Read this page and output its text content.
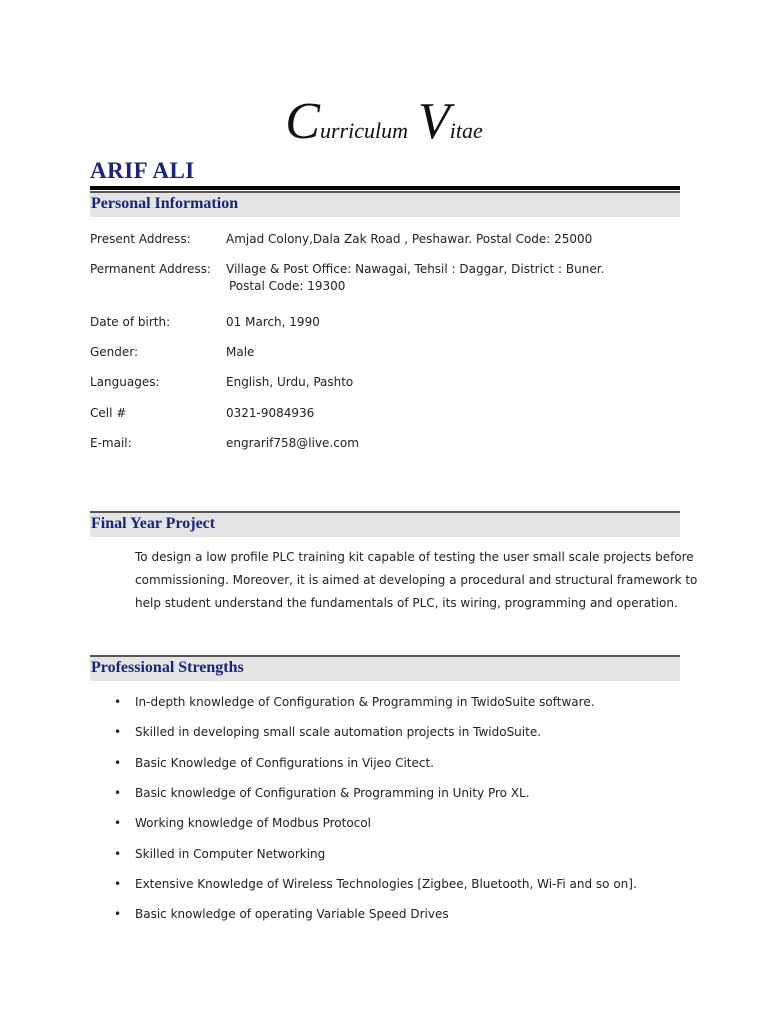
Curriculum Vitae
ARIF ALI
Personal Information
Present Address:	Amjad Colony,Dala Zak Road , Peshawar. Postal Code: 25000
Permanent Address: Village & Post Office: Nawagai, Tehsil : Daggar, District : Buner.
Postal Code: 19300
Date of birth:	01 March, 1990
Gender:	Male
Languages:	English, Urdu, Pashto
Cell #	0321-9084936
E-mail:	engrarif758@live.com
Final Year Project
To design a low profile PLC training kit capable of testing the user small scale projects before
commissioning. Moreover, it is aimed at developing a procedural and structural framework to
help student understand the fundamentals of PLC, its wiring, programming and operation.
Professional Strengths
• In-depth knowledge of Configuration & Programming in TwidoSuite software.
• Skilled in developing small scale automation projects in TwidoSuite.
• Basic Knowledge of Configurations in Vijeo Citect.
• Basic knowledge of Configuration & Programming in Unity Pro XL.
• Working knowledge of Modbus Protocol
• Skilled in Computer Networking
• Extensive Knowledge of Wireless Technologies [Zigbee, Bluetooth, Wi-Fi and so on].
• Basic knowledge of operating Variable Speed Drives
